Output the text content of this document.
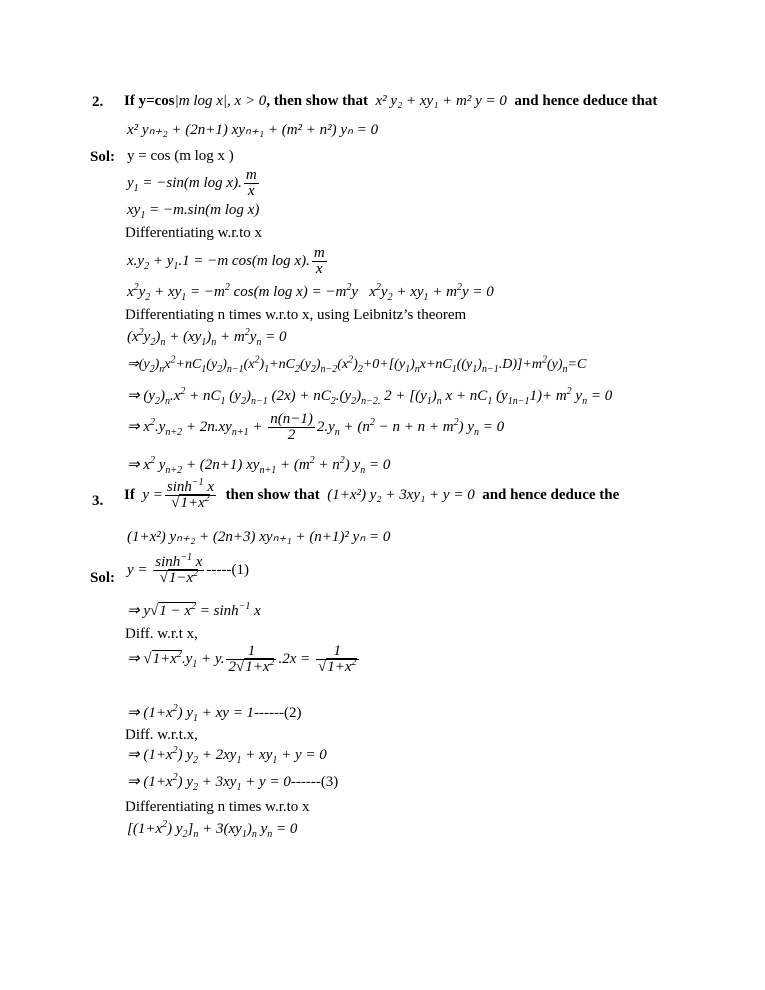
2. If y=cos|m log x|, x > 0, then show that x² y₂ + xy₁ + m² y = 0 and hence deduce that
x² yₙ₊₂ + (2n+1) xyₙ₊₁ + (m² + n²) yₙ = 0
Sol: y = cos (m log x )
$y_1 = -\sin(m$ log x). $\frac{m}{x}$
$xy_1 = -m.\sin(m$ log x)
Differentiating w.r.to x
$x.y_2 + y_1.1 = -m$ cos(m log x). $\frac{m}{x}$
$x^2y_2 + xy_1 = -m^2$ cos(m $\log x) = -m^2y$   $x^2y_2 + xy_1 + m^2y = 0$
Differentiating n times w.r.to x, using Leibnitz’s theorem
$(x^2y_2)_n + (xy_1)_n + m^2y_n = 0$
$\Rightarrow(y_2)_nx^2+nC_1(y_2)_{n-1}(x^2)_1+nC_2(y_2)_{n-2}(x^2)_2+0+[(y_1)_nx+nC_1((y_1)_{n-1}.D)]+m^2(y)_n=C$
⇒ $(y_2)_n.x^2 + nC_1$ $(y_2)_{n-1}$ $(2x) + nC_2.(y_2)_{n-2.}$ $2 + [(y_1)_n$ $x + nC_1$ $(y_{1n-1}1)+ m^2$ $y_n = 0$
⇒ $x^2.y_{n+2} + 2n.xy_{n+1} + \frac{n(n-1)}{2} 2.y_n + (n^2 - n + n + m^2) y_n = 0$
⇒ $x^2$ $y_{n+2} + (2n+1) xy_{n+1} + (m^2 + n^2) y_n = 0$
3. If $y = \frac{\sinh^{-1} x}{√1+x^2}$ then show that (1+x²) y₂ + 3xy₁ + y = 0 and hence deduce the
(1+x²) yₙ₊₂ + (2n+3) xyₙ₊₁ + (n+1)² yₙ = 0
Sol:
$y = \frac{\sinh^{-1} x}{√1-x^2} -----(1)$
⇒ $y√1 - x^2 = \sinh^{-1} x$
Diff. w.r.t x,
⇒ $√1+x^2.y_1 + y$. $\frac{1}{2√1+x^2} .2x = \frac{1}{√1+x^2}$
⇒ $(1+x^2) y_1$ + xy = 1------(2)
Diff. w.r.t.x,
⇒ $(1+x^2) y_2 + 2xy_1 + xy_1 + y = 0$
⇒ $(1+x^2) y_2 + 3xy_1 + y = 0------(3)$
Differentiating n times w.r.to x
$[(1+x^2) y_2]_n + 3(xy_1)_n$ $y_n = 0$
